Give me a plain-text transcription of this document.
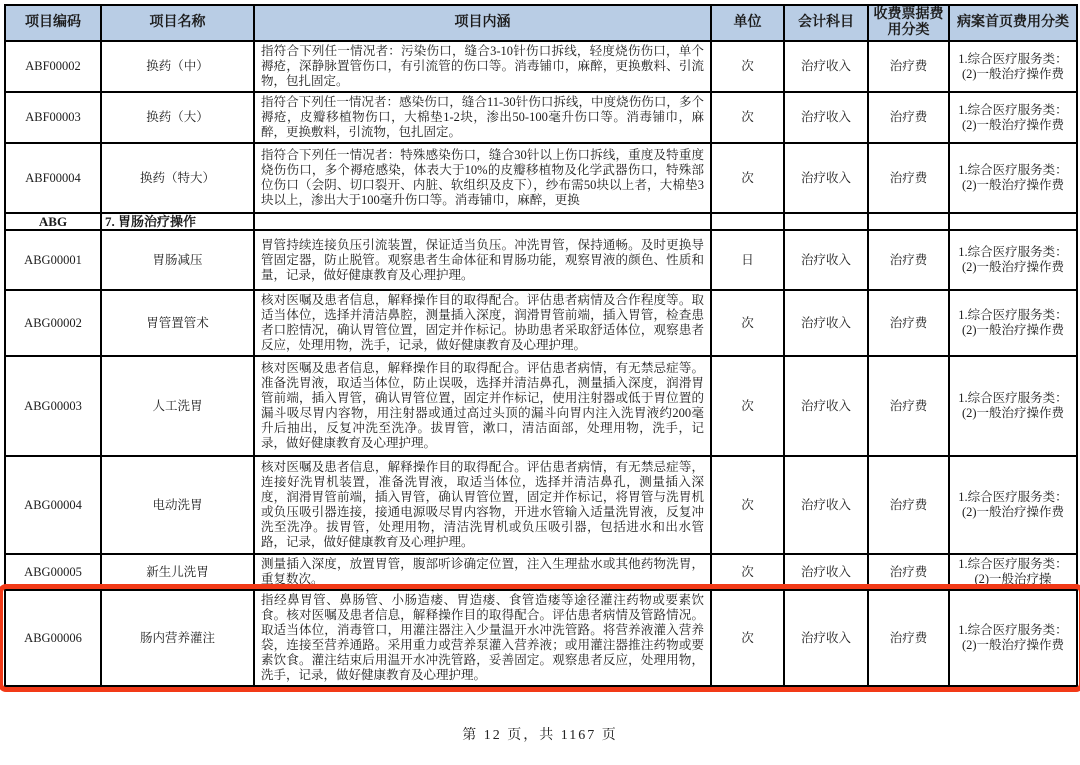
项目编码	项目名称	项目内涵	单位	会计科目	收费票据费用分类	病案首页费用分类
ABF00002	换药（中）	指符合下列任一情况者：污染伤口，缝合3-10针伤口拆线，轻度烧伤伤口，单个褥疮，深静脉置管伤口，有引流管的伤口等。消毒铺巾，麻醉，更换敷料、引流物，包扎固定。	次	治疗收入	治疗费	1.综合医疗服务类：(2)一般治疗操作费
ABF00003	换药（大）	指符合下列任一情况者：感染伤口，缝合11-30针伤口拆线，中度烧伤伤口，多个褥疮，皮瓣移植物伤口，大棉垫1-2块，渗出50-100毫升伤口等。消毒铺巾，麻醉，更换敷料，引流物，包扎固定。	次	治疗收入	治疗费	1.综合医疗服务类：(2)一般治疗操作费
ABF00004	换药（特大）	指符合下列任一情况者：特殊感染伤口，缝合30针以上伤口拆线，重度及特重度烧伤伤口，多个褥疮感染，体表大于10%的皮瓣移植物及化学武器伤口，特殊部位伤口（会阴、切口裂开、内脏、软组织及皮下），纱布需50块以上者，大棉垫3块以上，渗出大于100毫升伤口等。消毒铺巾，麻醉，更换	次	治疗收入	治疗费	1.综合医疗服务类：(2)一般治疗操作费
ABG	7. 胃肠治疗操作					
ABG00001	胃肠减压	胃管持续连接负压引流装置，保证适当负压。冲洗胃管，保持通畅。及时更换导管固定器，防止脱管。观察患者生命体征和胃肠功能，观察胃液的颜色、性质和量，记录，做好健康教育及心理护理。	日	治疗收入	治疗费	1.综合医疗服务类：(2)一般治疗操作费
ABG00002	胃管置管术	核对医嘱及患者信息，解释操作目的取得配合。评估患者病情及合作程度等。取适当体位，选择并清洁鼻腔，测量插入深度，润滑胃管前端，插入胃管，检查患者口腔情况，确认胃管位置，固定并作标记。协助患者采取舒适体位，观察患者反应，处理用物，洗手，记录，做好健康教育及心理护理。	次	治疗收入	治疗费	1.综合医疗服务类：(2)一般治疗操作费
ABG00003	人工洗胃	核对医嘱及患者信息，解释操作目的取得配合。评估患者病情，有无禁忌症等。准备洗胃液，取适当体位，防止误吸，选择并清洁鼻孔，测量插入深度，润滑胃管前端，插入胃管，确认胃管位置，固定并作标记，使用注射器或低于胃位置的漏斗吸尽胃内容物，用注射器或通过高过头顶的漏斗向胃内注入洗胃液约200毫升后抽出，反复冲洗至洗净。拔胃管，漱口，清洁面部，处理用物，洗手，记录，做好健康教育及心理护理。	次	治疗收入	治疗费	1.综合医疗服务类：(2)一般治疗操作费
ABG00004	电动洗胃	核对医嘱及患者信息，解释操作目的取得配合。评估患者病情，有无禁忌症等，连接好洗胃机装置，准备洗胃液，取适当体位，选择并清洁鼻孔，测量插入深度，润滑胃管前端，插入胃管，确认胃管位置，固定并作标记，将胃管与洗胃机或负压吸引器连接，接通电源吸尽胃内容物，开进水管输入适量洗胃液，反复冲洗至洗净。拔胃管，处理用物，清洁洗胃机或负压吸引器，包括进水和出水管路，记录，做好健康教育及心理护理。	次	治疗收入	治疗费	1.综合医疗服务类：(2)一般治疗操作费
ABG00005	新生儿洗胃	测量插入深度，放置胃管，腹部听诊确定位置，注入生理盐水或其他药物洗胃，重复数次。	次	治疗收入	治疗费	1.综合医疗服务类：(2)一般治疗操
ABG00006	肠内营养灌注	指经鼻胃管、鼻肠管、小肠造瘘、胃造瘘、食管造瘘等途径灌注药物或要素饮食。核对医嘱及患者信息，解释操作目的取得配合。评估患者病情及管路情况。取适当体位，消毒管口，用灌注器注入少量温开水冲洗管路。将营养液灌入营养袋，连接至营养通路。采用重力或营养泵灌入营养液；或用灌注器推注药物或要素饮食。灌注结束后用温开水冲洗管路，妥善固定。观察患者反应，处理用物，洗手，记录，做好健康教育及心理护理。	次	治疗收入	治疗费	1.综合医疗服务类：(2)一般治疗操作费
第 12 页，共 1167 页
